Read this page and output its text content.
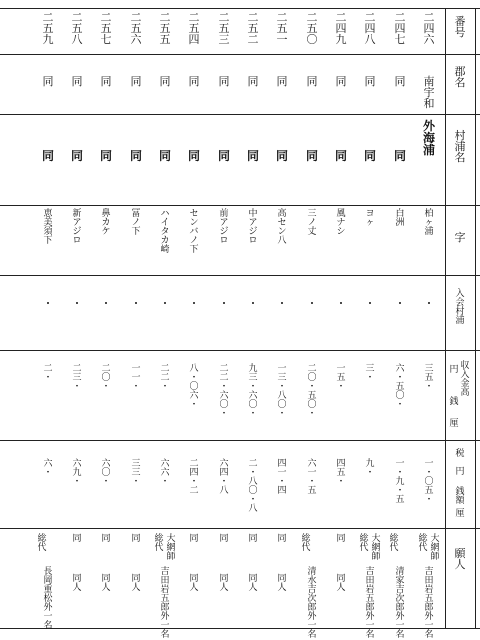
番
号
郡
名
村
浦
名
字
入
会
村
浦
収
入
金
高
円
銭
厘
税
円
銭
額
厘
願
人
二
四
六
南
宇
和
外
海
浦
柏
ヶ
浦
・
三
五
・
一
・
〇
五
・
大
網
師
総
代
吉
田
岩
五
郎
外
一
名
二
四
七
同
同
白
洲
・
六
・
五
〇
・
一
・
九
・
五
総
代
清
家
吉
次
郎
外
一
名
二
四
八
同
同
ヨ
ヶ
・
三
・
九
・
大
網
師
総
代
吉
田
岩
五
郎
外
一
名
二
四
九
同
同
風
ナ
シ
・
一
五
・
四
五
・
同
同
人
二
五
〇
同
同
三
ノ
丈
・
二
〇
・
五
〇
・
六
一
・
五
総
代
清
水
吉
次
郎
外
一
名
二
五
一
同
同
高
セ
ン
八
・
一
三
・
八
〇
・
四
一
・
四
同
同
人
二
五
二
同
同
中
ア
ジ
ロ
・
九
三
・
六
〇
・
二
・
八
〇
・
八
同
同
人
二
五
三
同
同
前
ア
ジ
ロ
・
二
二
・
六
〇
・
六
四
・
八
同
同
人
二
五
四
同
同
セ
ン
バ
ノ
下
・
八
・
〇
六
・
二
四
・
二
同
同
人
二
五
五
同
同
ハ
イ
タ
カ
崎
・
二
二
・
六
六
・
大
網
師
総
代
吉
田
岩
五
郎
外
一
名
二
五
六
同
同
冨
ノ
下
・
一
一
・
三
三
・
同
同
人
二
五
七
同
同
鼻
カ
ケ
・
二
〇
・
六
〇
・
同
同
人
二
五
八
同
同
新
ア
ジ
ロ
・
二
三
・
六
九
・
同
同
人
二
五
九
同
同
恵
美
須
下
・
二
・
六
・
総
代
長
岡
重
松
外
一
名
